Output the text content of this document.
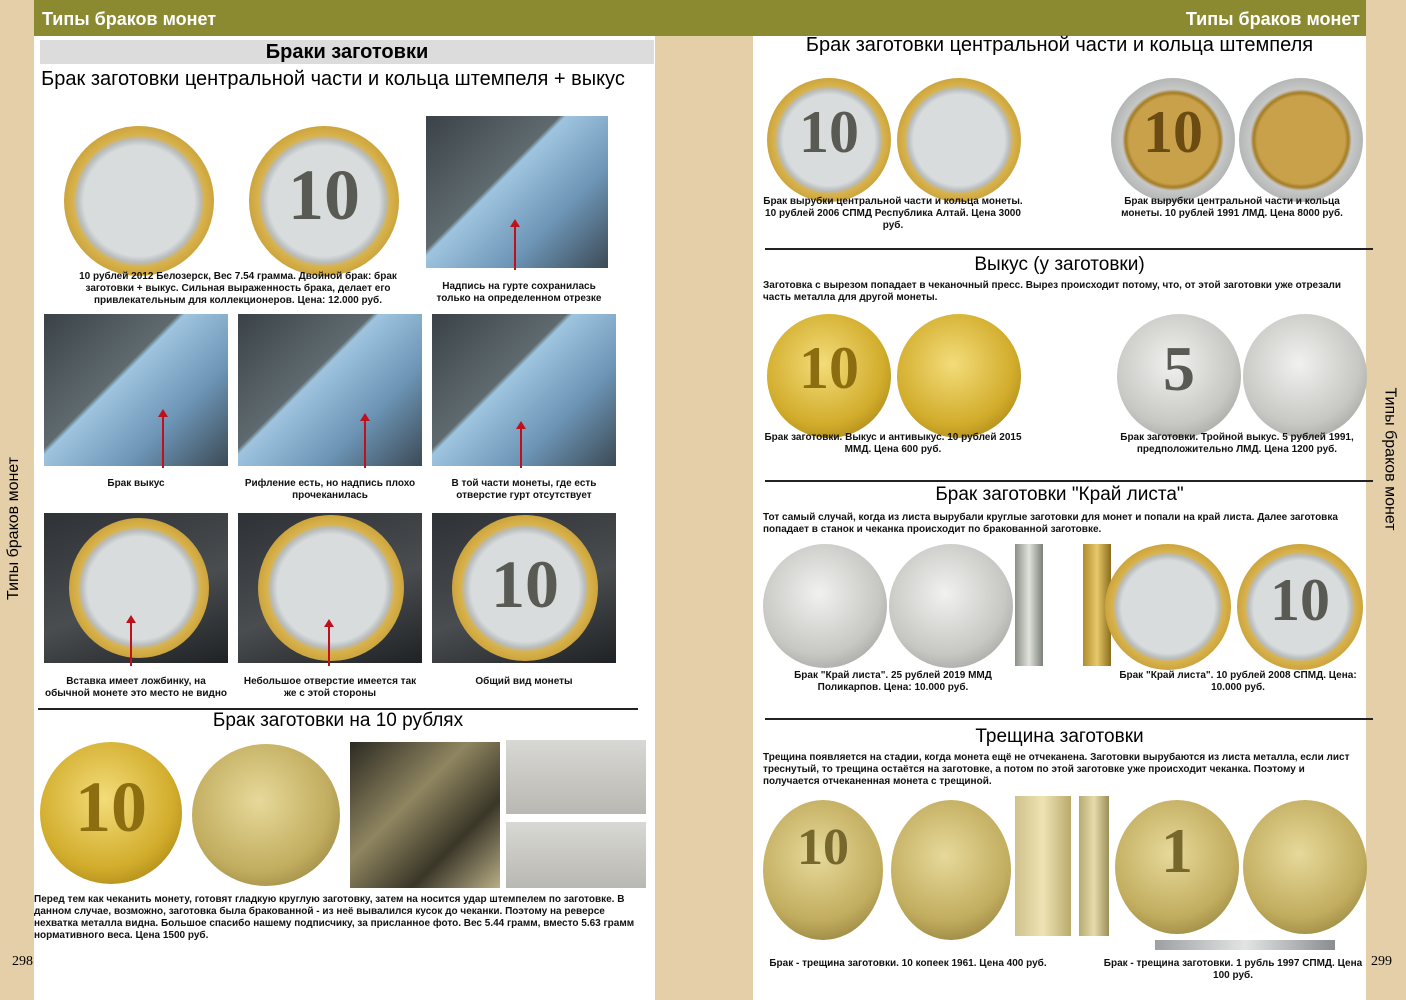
Типы браков монет
Типы браков монет
298
Браки заготовки
Брак заготовки центральной части и кольца штемпеля + выкус
10
10 рублей 2012 Белозерск, Вес 7.54 грамма. Двойной брак: брак заготовки + выкус. Сильная выраженность брака, делает его привлекательным для коллекционеров. Цена: 12.000 руб.
Надпись на гурте сохранилась только на определенном отрезке
Брак выкус	Рифление есть, но надпись плохо прочеканилась
В той части монеты, где есть отверстие гурт отсутствует
10
Вставка имеет ложбинку, на обычной монете это место не видно
Небольшое отверстие имеется так же с этой стороны
Общий вид монеты
Брак заготовки на 10 рублях
10
Перед тем как чеканить монету, готовят гладкую круглую заготовку, затем на носится удар штемпелем по заготовке. В данном случае, возможно, заготовка была бракованной - из неё вывалился кусок до чеканки. Поэтому на реверсе нехватка металла видна. Большое спасибо нашему подписчику, за присланное фото. Вес 5.44 грамм, вместо 5.63 грамм нормативного веса. Цена 1500 руб.
Типы браков монет
Типы браков монет
299
Брак заготовки центральной части и кольца штемпеля
10	10
Брак вырубки центральной части и кольца монеты. 10 рублей 2006 СПМД Республика Алтай. Цена 3000 руб.
Брак вырубки центральной части и кольца монеты. 10 рублей 1991 ЛМД. Цена 8000 руб.
Выкус (у заготовки)
Заготовка с вырезом попадает в чеканочный пресс. Вырез происходит потому, что, от этой заготовки уже отрезали часть металла для другой монеты.
10	5
Брак заготовки. Выкус и антивыкус. 10 рублей 2015 ММД. Цена 600 руб.
Брак заготовки. Тройной выкус. 5 рублей 1991, предположительно ЛМД. Цена 1200 руб.
Брак заготовки "Край листа"
Тот самый случай, когда из листа вырубали круглые заготовки для монет и попали на край листа. Далее заготовка попадает в станок и чеканка происходит по бракованной заготовке.
10
Брак "Край листа". 25 рублей 2019 ММД Поликарпов. Цена: 10.000 руб.
Брак "Край листа". 10 рублей 2008 СПМД. Цена: 10.000 руб.
Трещина заготовки
Трещина появляется на стадии, когда монета ещё не отчеканена. Заготовки вырубаются из листа металла, если лист треснутый, то трещина остаётся на заготовке, а потом по этой заготовке уже происходит чеканка. Поэтому и получается отчеканенная монета с трещиной.
10	1
Брак - трещина заготовки. 10 копеек 1961. Цена 400 руб.	Брак - трещина заготовки. 1 рубль 1997 СПМД. Цена 100 руб.
